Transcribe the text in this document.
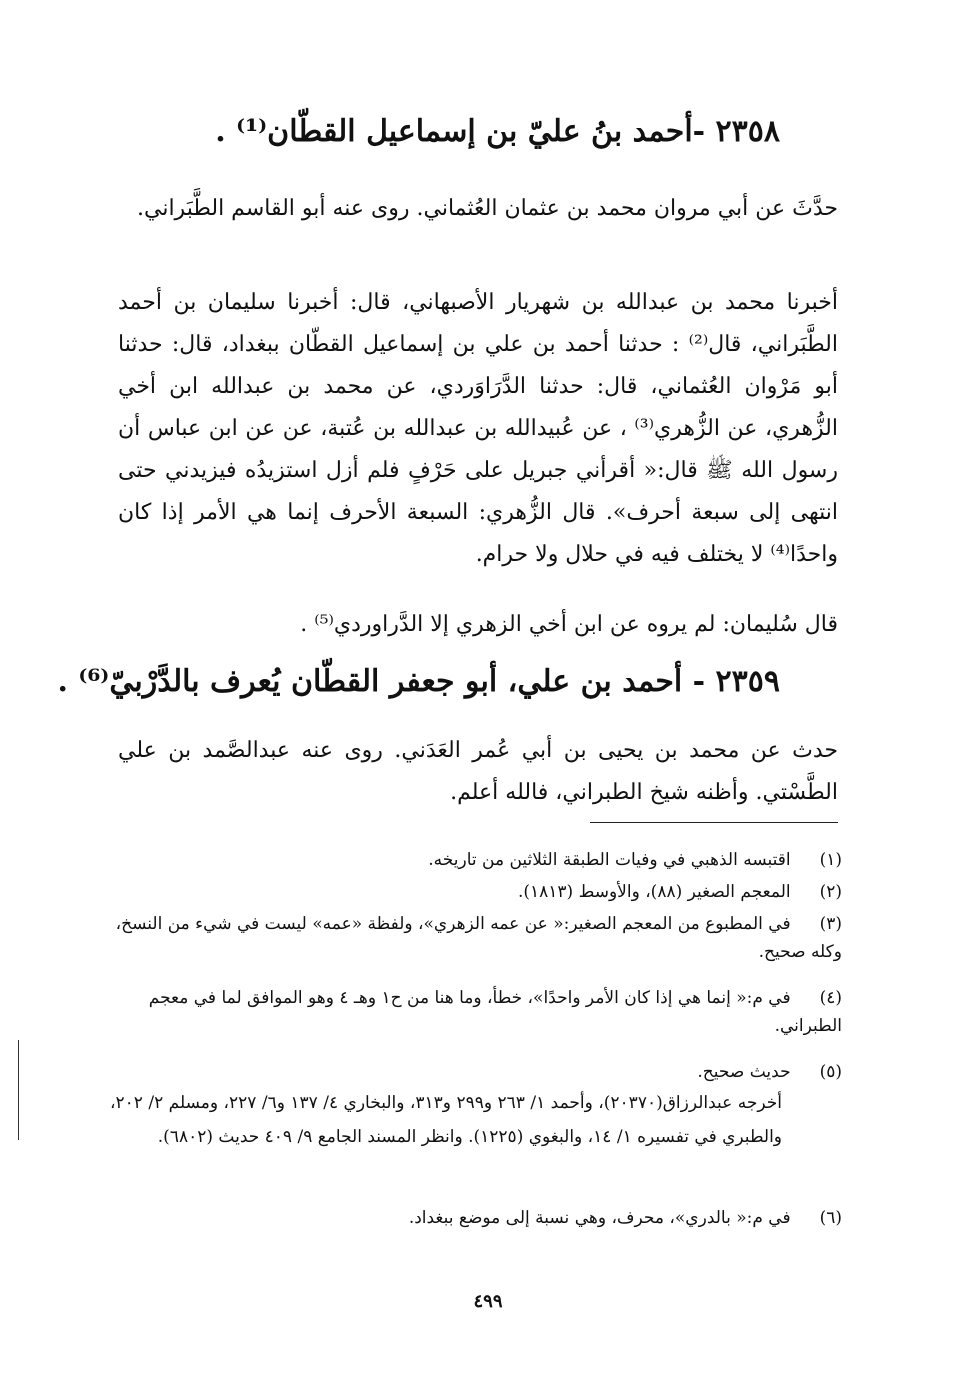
٢٣٥٨ -أحمد بنُ عليّ بن إسماعيل القطّان⁽¹⁾ .
حدَّثَ عن أبي مروان محمد بن عثمان العُثماني. روى عنه أبو القاسم الطَّبَراني.
أخبرنا محمد بن عبدالله بن شهريار الأصبهاني، قال: أخبرنا سليمان بن أحمد الطَّبَراني، قال⁽²⁾ : حدثنا أحمد بن علي بن إسماعيل القطّان ببغداد، قال: حدثنا أبو مَرْوان العُثماني، قال: حدثنا الدَّرَاوَردي، عن محمد بن عبدالله ابن أخي الزُّهري، عن الزُّهري⁽³⁾ ، عن عُبيدالله بن عبدالله بن عُتبة، عن عن ابن عباس أن رسول الله ﷺ قال:« أقرأني جبريل على حَرْفٍ فلم أزل استزيدُه فيزيدني حتى انتهى إلى سبعة أحرف». قال الزُّهري: السبعة الأحرف إنما هي الأمر إذا كان واحدًا⁽⁴⁾ لا يختلف فيه في حلال ولا حرام.
قال سُليمان: لم يروه عن ابن أخي الزهري إلا الدَّراوردي⁽⁵⁾ .
٢٣٥٩ - أحمد بن علي، أبو جعفر القطّان يُعرف بالدَّرْبيّ⁽⁶⁾ .
حدث عن محمد بن يحيى بن أبي عُمر العَدَني. روى عنه عبدالصَّمد بن علي الطَّسْتي. وأظنه شيخ الطبراني، فالله أعلم.
(١) اقتبسه الذهبي في وفيات الطبقة الثلاثين من تاريخه.
(٢) المعجم الصغير (٨٨)، والأوسط (١٨١٣).
(٣) في المطبوع من المعجم الصغير:« عن عمه الزهري»، ولفظة «عمه» ليست في شيء من النسخ، وكله صحيح.
(٤) في م:« إنما هي إذا كان الأمر واحدًا»، خطأ، وما هنا من ح١ وهـ ٤ وهو الموافق لما في معجم الطبراني.
(٥) حديث صحيح.
أخرجه عبدالرزاق(٢٠٣٧٠)، وأحمد ١/ ٢٦٣ و٢٩٩ و٣١٣، والبخاري ٤/ ١٣٧ و٦/ ٢٢٧، ومسلم ٢/ ٢٠٢، والطبري في تفسيره ١/ ١٤، والبغوي (١٢٢٥). وانظر المسند الجامع ٩/ ٤٠٩ حديث (٦٨٠٢).
(٦) في م:« بالدري»، محرف، وهي نسبة إلى موضع ببغداد.
٤٩٩
